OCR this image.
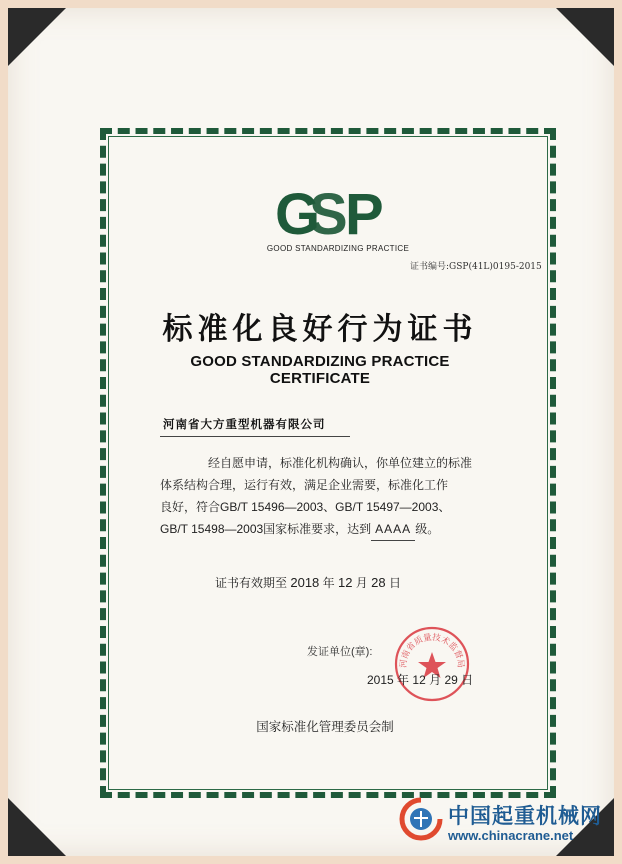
G
S
P
GOOD STANDARDIZING PRACTICE
证书编号:GSP(41L)0195-2015
标准化良好行为证书
GOOD STANDARDIZING PRACTICE CERTIFICATE
河南省大方重型机器有限公司

经自愿申请，标准化机构确认，你单位建立的标准

体系结构合理，运行有效，满足企业需要，标准化工作

良好，符合GB/T 15496—2003、GB/T 15497—2003、

GB/T 15498—2003国家标准要求，达到 AAAA 级。

证书有效期至 2018 年 12 月 28 日
发证单位(章):
河南省质量技术监督局
2015 年 12 月 29 日
国家标准化管理委员会制
中国起重机械网
www.chinacrane.net
